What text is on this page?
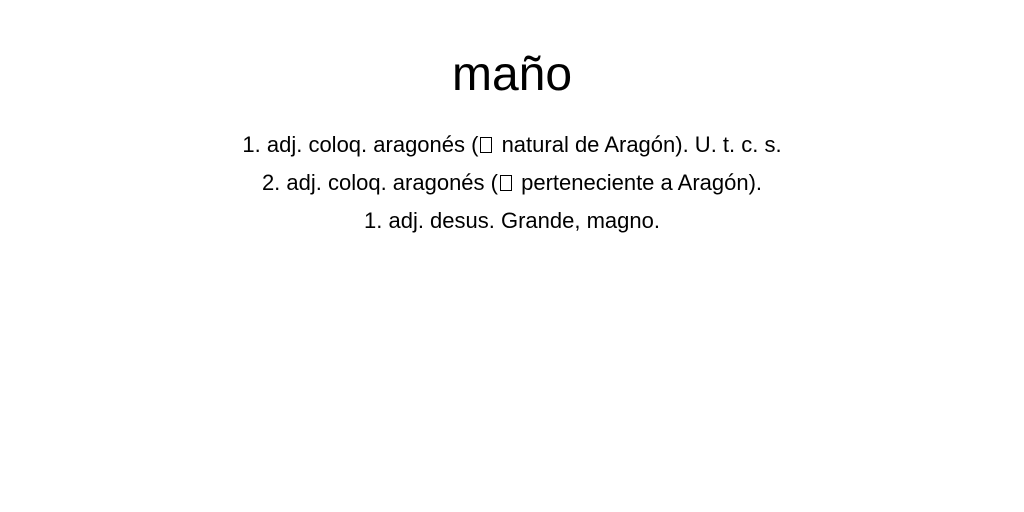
maño
1. adj. coloq. aragonés ( natural de Aragón). U. t. c. s.
2. adj. coloq. aragonés ( perteneciente a Aragón).
1. adj. desus. Grande, magno.
